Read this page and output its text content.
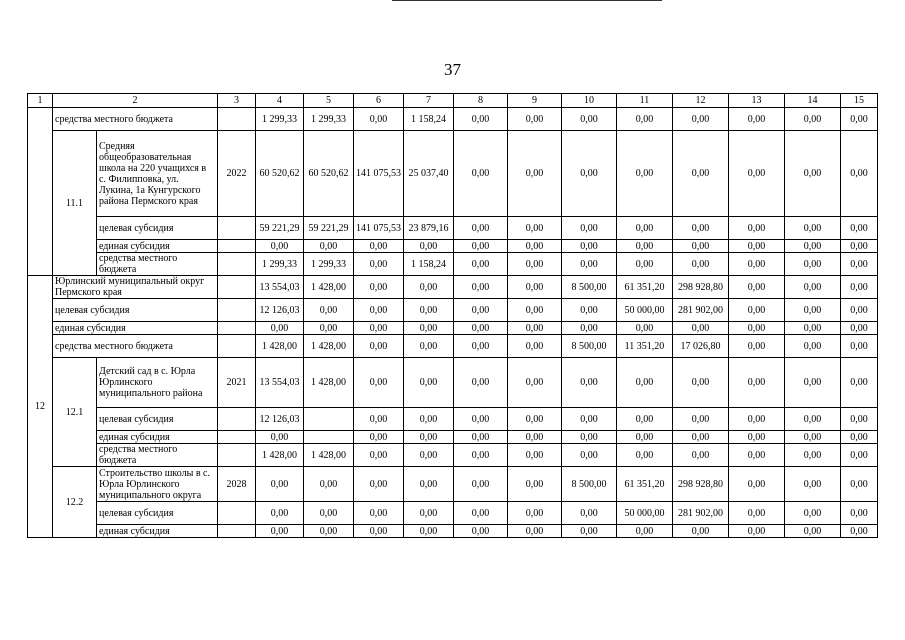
37
1	2		3	4	5	6	7	8	9	10	11	12	13	14	15
	средства местного бюджета			1 299,33	1 299,33	0,00	1 158,24	0,00	0,00	0,00	0,00	0,00	0,00	0,00	0,00
	11.1	Средняя общеобразовательная школа на 220 учащихся в с. Филипповка, ул. Лукина, 1а Кунгурского района Пермского края	2022	60 520,62	60 520,62	141 075,53	25 037,40	0,00	0,00	0,00	0,00	0,00	0,00	0,00	0,00
		целевая субсидия		59 221,29	59 221,29	141 075,53	23 879,16	0,00	0,00	0,00	0,00	0,00	0,00	0,00	0,00
		единая субсидия		0,00	0,00	0,00	0,00	0,00	0,00	0,00	0,00	0,00	0,00	0,00	0,00
		средства местного бюджета		1 299,33	1 299,33	0,00	1 158,24	0,00	0,00	0,00	0,00	0,00	0,00	0,00	0,00
12	Юрлинский муниципальный округ Пермского края			13 554,03	1 428,00	0,00	0,00	0,00	0,00	8 500,00	61 351,20	298 928,80	0,00	0,00	0,00
	целевая субсидия			12 126,03	0,00	0,00	0,00	0,00	0,00	0,00	50 000,00	281 902,00	0,00	0,00	0,00
	единая субсидия			0,00	0,00	0,00	0,00	0,00	0,00	0,00	0,00	0,00	0,00	0,00	0,00
	средства местного бюджета			1 428,00	1 428,00	0,00	0,00	0,00	0,00	8 500,00	11 351,20	17 026,80	0,00	0,00	0,00
	12.1	Детский сад в с. Юрла Юрлинского муниципального района	2021	13 554,03	1 428,00	0,00	0,00	0,00	0,00	0,00	0,00	0,00	0,00	0,00	0,00
		целевая субсидия		12 126,03		0,00	0,00	0,00	0,00	0,00	0,00	0,00	0,00	0,00	0,00
		единая субсидия		0,00		0,00	0,00	0,00	0,00	0,00	0,00	0,00	0,00	0,00	0,00
		средства местного бюджета		1 428,00	1 428,00	0,00	0,00	0,00	0,00	0,00	0,00	0,00	0,00	0,00	0,00
	12.2	Строительство школы в с. Юрла Юрлинского муниципального округа	2028	0,00	0,00	0,00	0,00	0,00	0,00	8 500,00	61 351,20	298 928,80	0,00	0,00	0,00
		целевая субсидия		0,00	0,00	0,00	0,00	0,00	0,00	0,00	50 000,00	281 902,00	0,00	0,00	0,00
		единая субсидия		0,00	0,00	0,00	0,00	0,00	0,00	0,00	0,00	0,00	0,00	0,00	0,00
